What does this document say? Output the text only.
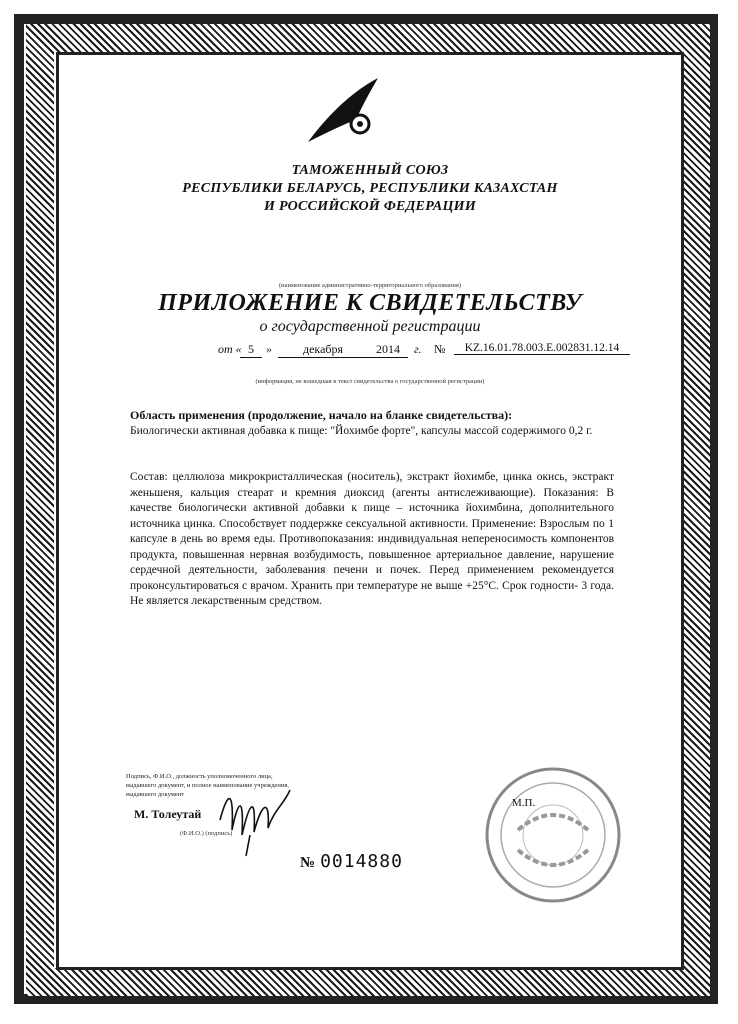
ТАМОЖЕННЫЙ СОЮЗ
РЕСПУБЛИКИ БЕЛАРУСЬ, РЕСПУБЛИКИ КАЗАХСТАН
И РОССИЙСКОЙ ФЕДЕРАЦИИ
(наименование административно-территориального образования)
ПРИЛОЖЕНИЕ К СВИДЕТЕЛЬСТВУ
о государственной регистрации
от « 5	»	декабря	2014	г. №	KZ.16.01.78.003.E.002831.12.14
(информация, не вошедшая в текст свидетельства о государственной регистрации)
Область применения (продолжение, начало на бланке свидетельства):
Биологически активная добавка к пище: "Йохимбе форте", капсулы массой содержимого 0,2 г.
Состав: целлюлоза микрокристаллическая (носитель), экстракт йохимбе, цинка окись, экстракт женьшеня, кальция стеарат и кремния диоксид (агенты антислеживающие). Показания: В качестве биологически активной добавки к пище – источника йохимбина, дополнительного источника цинка. Способствует поддержке сексуальной активности. Применение: Взрослым по 1 капсуле в день во время еды. Противопоказания: индивидуальная непереносимость компонентов продукта, повышенная нервная возбудимость, повышенное артериальное давление, нарушение сердечной деятельности, заболевания печени и почек. Перед применением рекомендуется проконсультироваться с врачом. Хранить при температуре не выше +25°С. Срок годности- 3 года. Не является лекарственным средством.
Подпись, Ф.И.О., должность уполномоченного лица,
выдавшего документ, и полное наименование учреждения,
выдавшего документ
М. Толеутай
(Ф.И.О.) (подпись)
М.П.
№ 0014880
